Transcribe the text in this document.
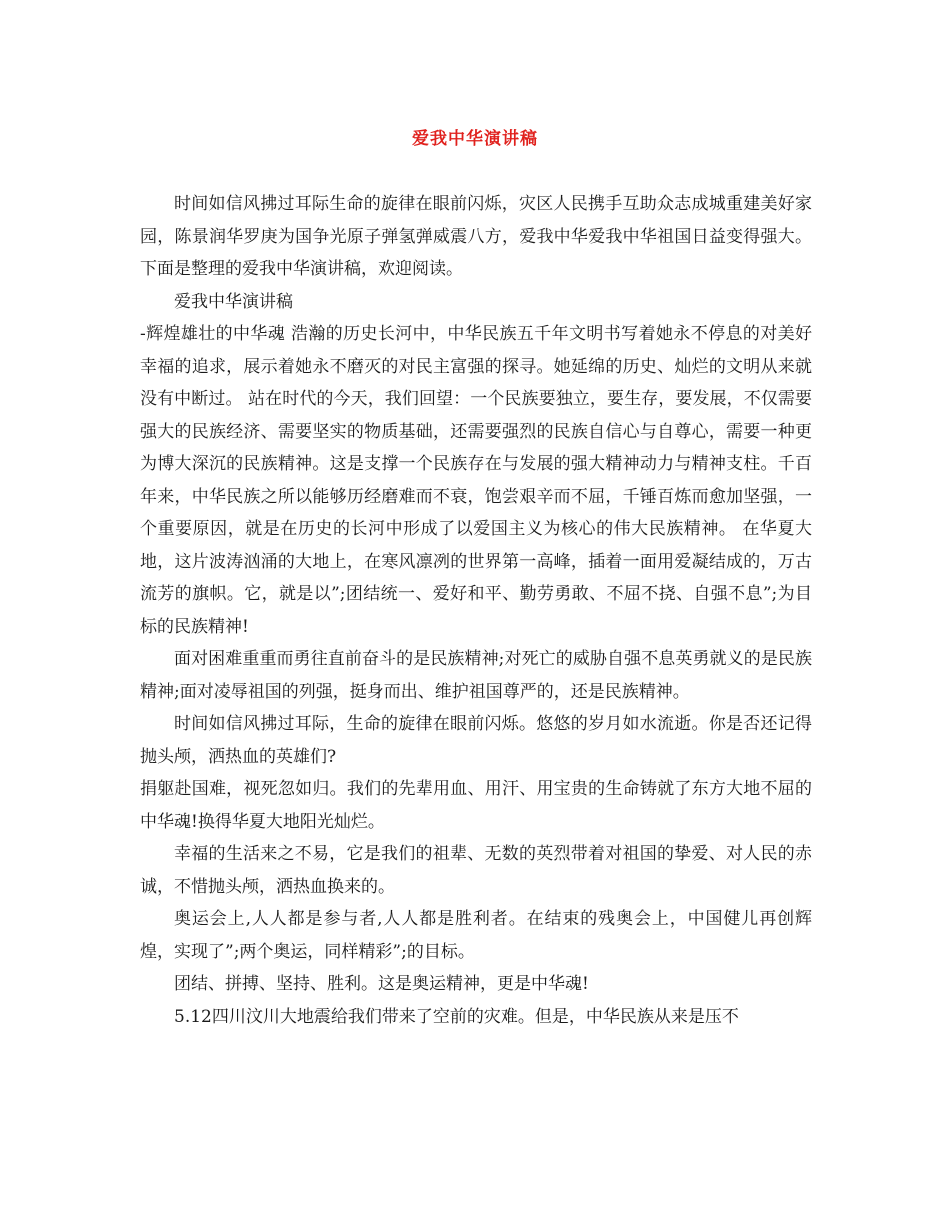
爱我中华演讲稿

时间如信风拂过耳际生命的旋律在眼前闪烁，灾区人民携手互助众志成城重建美好家园，陈景润华罗庚为国争光原子弹氢弹威震八方，爱我中华爱我中华祖国日益变得强大。下面是整理的爱我中华演讲稿，欢迎阅读。

爱我中华演讲稿

-辉煌雄壮的中华魂 浩瀚的历史长河中，中华民族五千年文明书写着她永不停息的对美好幸福的追求，展示着她永不磨灭的对民主富强的探寻。她延绵的历史、灿烂的文明从来就没有中断过。 站在时代的今天，我们回望：一个民族要独立，要生存，要发展，不仅需要强大的民族经济、需要坚实的物质基础，还需要强烈的民族自信心与自尊心，需要一种更为博大深沉的民族精神。这是支撑一个民族存在与发展的强大精神动力与精神支柱。千百年来，中华民族之所以能够历经磨难而不衰，饱尝艰辛而不屈，千锤百炼而愈加坚强，一个重要原因，就是在历史的长河中形成了以爱国主义为核心的伟大民族精神。 在华夏大地，这片波涛汹涌的大地上，在寒风凛冽的世界第一高峰，插着一面用爱凝结成的，万古流芳的旗帜。它，就是以”;团结统一、爱好和平、勤劳勇敢、不屈不挠、自强不息”;为目标的民族精神!

面对困难重重而勇往直前奋斗的是民族精神;对死亡的威胁自强不息英勇就义的是民族精神;面对凌辱祖国的列强，挺身而出、维护祖国尊严的，还是民族精神。

时间如信风拂过耳际，生命的旋律在眼前闪烁。悠悠的岁月如水流逝。你是否还记得抛头颅，洒热血的英雄们?

捐躯赴国难，视死忽如归。我们的先辈用血、用汗、用宝贵的生命铸就了东方大地不屈的中华魂!换得华夏大地阳光灿烂。

幸福的生活来之不易，它是我们的祖辈、无数的英烈带着对祖国的挚爱、对人民的赤诚，不惜抛头颅，洒热血换来的。

奥运会上,人人都是参与者,人人都是胜利者。在结束的残奥会上，中国健儿再创辉煌，实现了”;两个奥运，同样精彩”;的目标。

团结、拼搏、坚持、胜利。这是奥运精神，更是中华魂!

5.12四川汶川大地震给我们带来了空前的灾难。但是，中华民族从来是压不
